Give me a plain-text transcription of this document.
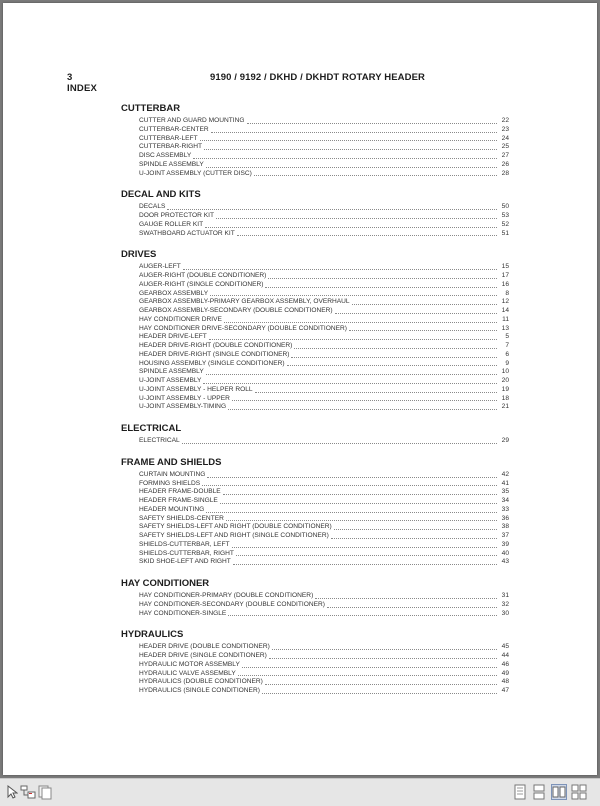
3
INDEX
9190 / 9192 / DKHD / DKHDT ROTARY HEADER
CUTTERBAR
CUTTER AND GUARD MOUNTING	22
CUTTERBAR-CENTER	23
CUTTERBAR-LEFT	24
CUTTERBAR-RIGHT	25
DISC ASSEMBLY	27
SPINDLE ASSEMBLY	26
U-JOINT ASSEMBLY (CUTTER DISC)	28
DECAL AND KITS
DECALS	50
DOOR PROTECTOR KIT	53
GAUGE ROLLER KIT	52
SWATHBOARD ACTUATOR KIT	51
DRIVES
AUGER-LEFT	15
AUGER-RIGHT (DOUBLE CONDITIONER)	17
AUGER-RIGHT (SINGLE CONDITIONER)	16
GEARBOX ASSEMBLY	8
GEARBOX ASSEMBLY-PRIMARY GEARBOX ASSEMBLY, OVERHAUL	12
GEARBOX ASSEMBLY-SECONDARY (DOUBLE CONDITIONER)	14
HAY CONDITIONER DRIVE	11
HAY CONDITIONER DRIVE-SECONDARY (DOUBLE CONDITIONER)	13
HEADER DRIVE-LEFT	5
HEADER DRIVE-RIGHT (DOUBLE CONDITIONER)	7
HEADER DRIVE-RIGHT (SINGLE CONDITIONER)	6
HOUSING ASSEMBLY (SINGLE CONDITIONER)	9
SPINDLE ASSEMBLY	10
U-JOINT ASSEMBLY	20
U-JOINT ASSEMBLY - HELPER ROLL	19
U-JOINT ASSEMBLY - UPPER	18
U-JOINT ASSEMBLY-TIMING	21
ELECTRICAL
ELECTRICAL	29
FRAME AND SHIELDS
CURTAIN MOUNTING	42
FORMING SHIELDS	41
HEADER FRAME-DOUBLE	35
HEADER FRAME-SINGLE	34
HEADER MOUNTING	33
SAFETY SHIELDS-CENTER	36
SAFETY SHIELDS-LEFT AND RIGHT (DOUBLE CONDITIONER)	38
SAFETY SHIELDS-LEFT AND RIGHT (SINGLE CONDITIONER)	37
SHIELDS-CUTTERBAR, LEFT	39
SHIELDS-CUTTERBAR, RIGHT	40
SKID SHOE-LEFT AND RIGHT	43
HAY CONDITIONER
HAY CONDITIONER-PRIMARY (DOUBLE CONDITIONER)	31
HAY CONDITIONER-SECONDARY (DOUBLE CONDITIONER)	32
HAY CONDITIONER-SINGLE	30
HYDRAULICS
HEADER DRIVE (DOUBLE CONDITIONER)	45
HEADER DRIVE (SINGLE CONDITIONER)	44
HYDRAULIC MOTOR ASSEMBLY	46
HYDRAULIC VALVE ASSEMBLY	49
HYDRAULICS (DOUBLE CONDITIONER)	48
HYDRAULICS (SINGLE CONDITIONER)	47
